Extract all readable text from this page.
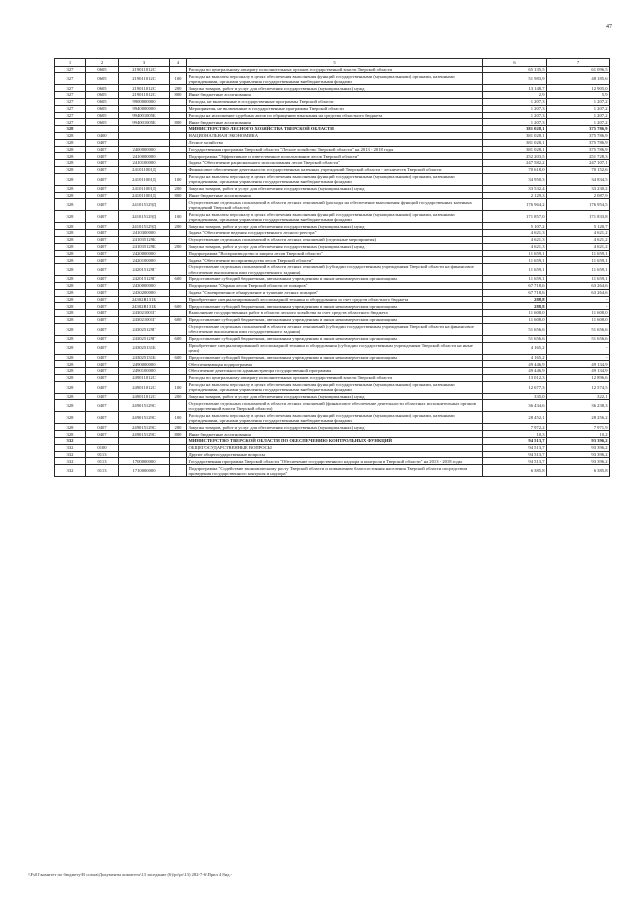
47
1	2	3	4	5	6	7
327	0605	219011012С		Расходы по центральному аппарату исполнительных органов государственной власти Тверской области	65 135,5	61 096,5
327	0605	219011012С	100	Расходы на выплаты персоналу в целях обеспечения выполнения функций государственными (муниципальными) органами, казенными учреждениями, органами управления государственными внебюджетными фондами	51 983,9	48 185,6
327	0605	219011012С	200	Закупка товаров, работ и услуг для обеспечения государственных (муниципальных) нужд	13 148,7	12 905,0
327	0605	219011012С	800	Иные бюджетные ассигнования	2,9	5,9
327	0605	9900000000		Расходы, не включенные в государственные программы Тверской области	1 207,3	1 207,2
327	0605	9940000000		Мероприятия, не включенные в государственные программы Тверской области	1 207,3	1 207,2
327	0605	994001005Б		Расходы на исполнение судебных актов по обращению взыскания на средства областного бюджета	1 207,3	1 207,2
327	0605	994001005Б	800	Иные бюджетные ассигнования	1 207,3	1 207,2
328				МИНИСТЕРСТВО ЛЕСНОГО ХОЗЯЙСТВА ТВЕРСКОЙ ОБЛАСТИ	381 028,1	375 786,9
328	0400			НАЦИОНАЛЬНАЯ ЭКОНОМИКА	381 028,1	375 786,9
328	0407			Лесное хозяйство	381 028,1	375 786,9
328	0407	2400000000		Государственная программа Тверской области "Лесное хозяйство Тверской области" на 2013 - 2018 годы	381 028,1	375 786,9
328	0407	2410000000		Подпрограмма "Эффективное и ответственное использование лесов Тверской области"	252 203,5	251 728,3
328	0407	2410100000		Задача "Обеспечение рационального использования лесов Тверской области"	247 582,2	247 107,1
328	0407	241011001Д		Финансовое обеспечение деятельности государственных казенных учреждений Тверской области - лесничеств Тверской области	70 618,0	70 152,6
328	0407	241011001Д	100	Расходы на выплаты персоналу в целях обеспечения выполнения функций государственными (муниципальными) органами, казенными учреждениями, органами управления государственными внебюджетными фондами	34 950,3	34 834,5
328	0407	241011001Д	200	Закупка товаров, работ и услуг для обеспечения государственных (муниципальных) нужд	33 532,4	33 230,2
328	0407	241011001Д	800	Иные бюджетные ассигнования	2 129,3	2 087,9
328	0407	241015129Д		Осуществление отдельных полномочий в области лесных отношений (расходы на обеспечение выполнения функций государственных казенных учреждений Тверской области)	176 964,2	176 954,5
328	0407	241015129Д	100	Расходы на выплаты персоналу в целях обеспечения выполнения функций государственными (муниципальными) органами, казенными учреждениями, органами управления государственными внебюджетными фондами	171 857,0	171 833,8
328	0407	241015129Д	200	Закупка товаров, работ и услуг для обеспечения государственных (муниципальных) нужд	5 107,2	5 120,7
328	0407	2410300000		Задача "Обеспечение ведения государственного лесного реестра"	4 621,3	4 621,2
328	0407	241035129Б		Осуществление отдельных полномочий в области лесных отношений (отдельные мероприятия)	4 621,3	4 621,2
328	0407	241035129Б	200	Закупка товаров, работ и услуг для обеспечения государственных (муниципальных) нужд	4 621,3	4 621,2
328	0407	2420000000		Подпрограмма "Воспроизводство и защита лесов Тверской области"	11 659,1	11 659,1
328	0407	2420100000		Задача "Обеспечение воспроизводства лесов Тверской области"	11 659,1	11 659,1
328	0407	242015129Г		Осуществление отдельных полномочий в области лесных отношений (субсидии государственным учреждениям Тверской области на финансовое обеспечение выполнения ими государственного задания)	11 659,1	11 659,1
328	0407	242015129Г	600	Предоставление субсидий бюджетным, автономным учреждениям и иным некоммерческим организациям	11 659,1	11 659,1
328	0407	2430000000		Подпрограмма "Охрана лесов Тверской области от пожаров"	67 718,6	63 264,6
328	0407	2430200000		Задача "Своевременное обнаружение и тушение лесных пожаров"	67 718,6	63 264,6
328	0407	24302R131Б		Приобретение специализированной лесопожарной техники и оборудования за счет средств областного бюджета	288,8	-
328	0407	24302R131Б	600	Предоставление субсидий бюджетным, автономным учреждениям и иным некоммерческим организациям	288,8	-
328	0407	243021001Г		Выполнение государственных работ в области лесного хозяйства за счет средств областного бюджета	11 608,0	11 608,0
328	0407	243021001Г	600	Предоставление субсидий бюджетным, автономным учреждениям и иным некоммерческим организациям	11 608,0	11 608,0
328	0407	243025129Г		Осуществление отдельных полномочий в области лесных отношений (субсидии государственным учреждениям Тверской области на финансовое обеспечение выполнения ими государственного задания)	51 656,6	51 656,6
328	0407	243025129Г	600	Предоставление субсидий бюджетным, автономным учреждениям и иным некоммерческим организациям	51 656,6	51 656,6
328	0407	243025131Б		Приобретение специализированной лесопожарной техники и оборудования (субсидии государственным учреждениям Тверской области на иные цели)	4 165,2	-
328	0407	243025131Б	600	Предоставление субсидий бюджетным, автономным учреждениям и иным некоммерческим организациям	4 165,2	-
328	0407	2490000000		Обеспечивающая подпрограмма	49 446,9	49 134,9
328	0407	2490100000		Обеспечение деятельности администратора государственной программы	49 446,9	49 134,9
328	0407	249011012С		Расходы по центральному аппарату исполнительных органов государственной власти Тверской области	13 012,3	12 896,6
328	0407	249011012С	100	Расходы на выплаты персоналу в целях обеспечения выполнения функций государственными (муниципальными) органами, казенными учреждениями, органами управления государственными внебюджетными фондами	12 677,3	12 574,5
328	0407	249011012С	200	Закупка товаров, работ и услуг для обеспечения государственных (муниципальных) нужд	335,0	322,1
328	0407	249015129С		Осуществление отдельных полномочий в области лесных отношений (финансовое обеспечение деятельности областных исполнительных органов государственной власти Тверской области)	36 434,6	36 238,3
328	0407	249015129С	100	Расходы на выплаты персоналу в целях обеспечения выполнения функций государственными (муниципальными) органами, казенными учреждениями, органами управления государственными внебюджетными фондами	28 452,1	28 256,2
328	0407	249015129С	200	Закупка товаров, работ и услуг для обеспечения государственных (муниципальных) нужд	7 972,2	7 971,9
328	0407	249015129С	800	Иные бюджетные ассигнования	10,3	10,2
332				МИНИСТЕРСТВО ТВЕРСКОЙ ОБЛАСТИ ПО ОБЕСПЕЧЕНИЮ КОНТРОЛЬНЫХ ФУНКЦИЙ	94 513,7	93 396,2
332	0100			ОБЩЕГОСУДАРСТВЕННЫЕ ВОПРОСЫ	94 513,7	93 396,2
332	0113			Другие общегосударственные вопросы	94 513,7	93 396,2
332	0113	1700000000		Государственная программа Тверской области "Обеспечение государственного надзора и контроля в Тверской области" на 2013 - 2018 годы	94 513,7	93 396,2
332	0113	1710000000		Подпрограмма "Содействие экономическому росту Тверской области и повышению благосостояния населения Тверской области посредством проведения государственного контроля и надзора"	6 385,8	6 385,8
\\Fs01\комитет по бюджету\В созыв\Документы комитета\13 заседание (6)\pr\pr\13) 282-7-6\Прил 4 8ид.-
